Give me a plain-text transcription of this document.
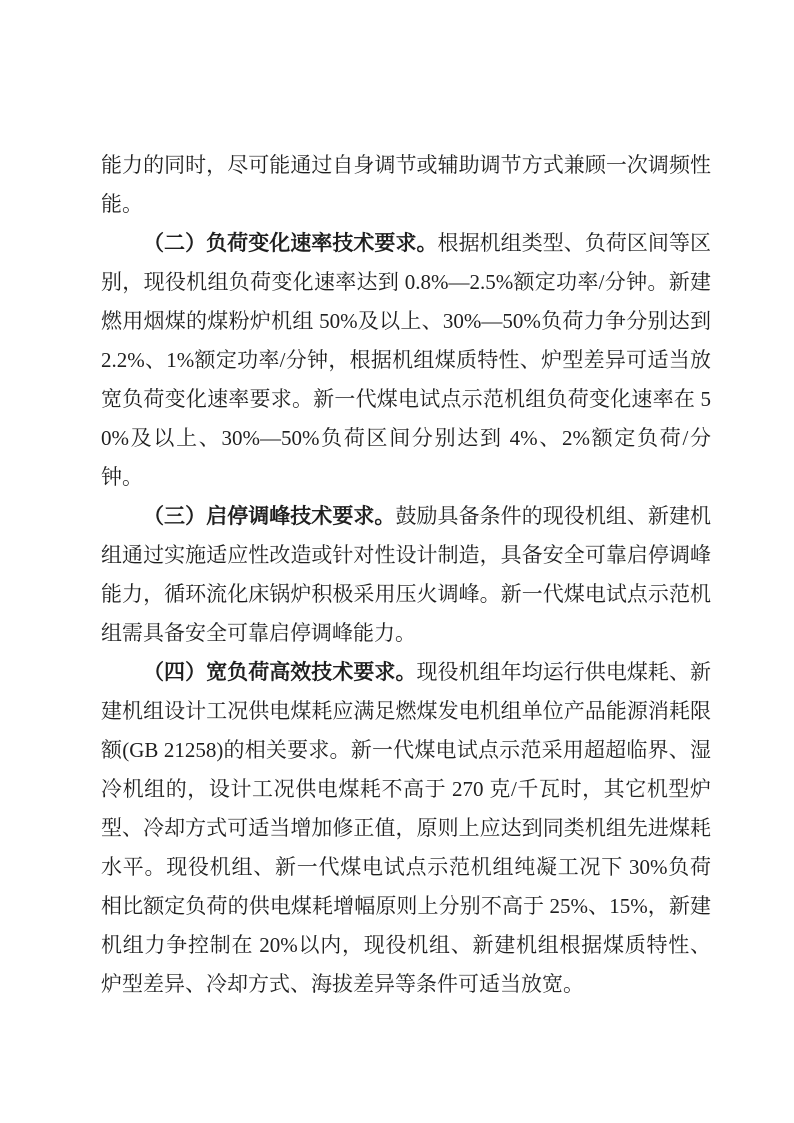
能力的同时，尽可能通过自身调节或辅助调节方式兼顾一次调频性能。

（二）负荷变化速率技术要求。根据机组类型、负荷区间等区别，现役机组负荷变化速率达到 0.8%—2.5%额定功率/分钟。新建燃用烟煤的煤粉炉机组 50%及以上、30%—50%负荷力争分别达到 2.2%、1%额定功率/分钟，根据机组煤质特性、炉型差异可适当放宽负荷变化速率要求。新一代煤电试点示范机组负荷变化速率在 50%及以上、30%—50%负荷区间分别达到 4%、2%额定负荷/分钟。

（三）启停调峰技术要求。鼓励具备条件的现役机组、新建机组通过实施适应性改造或针对性设计制造，具备安全可靠启停调峰能力，循环流化床锅炉积极采用压火调峰。新一代煤电试点示范机组需具备安全可靠启停调峰能力。

（四）宽负荷高效技术要求。现役机组年均运行供电煤耗、新建机组设计工况供电煤耗应满足燃煤发电机组单位产品能源消耗限额(GB 21258)的相关要求。新一代煤电试点示范采用超超临界、湿冷机组的，设计工况供电煤耗不高于 270 克/千瓦时，其它机型炉型、冷却方式可适当增加修正值，原则上应达到同类机组先进煤耗水平。现役机组、新一代煤电试点示范机组纯凝工况下 30%负荷相比额定负荷的供电煤耗增幅原则上分别不高于 25%、15%，新建机组力争控制在 20%以内，现役机组、新建机组根据煤质特性、炉型差异、冷却方式、海拔差异等条件可适当放宽。
